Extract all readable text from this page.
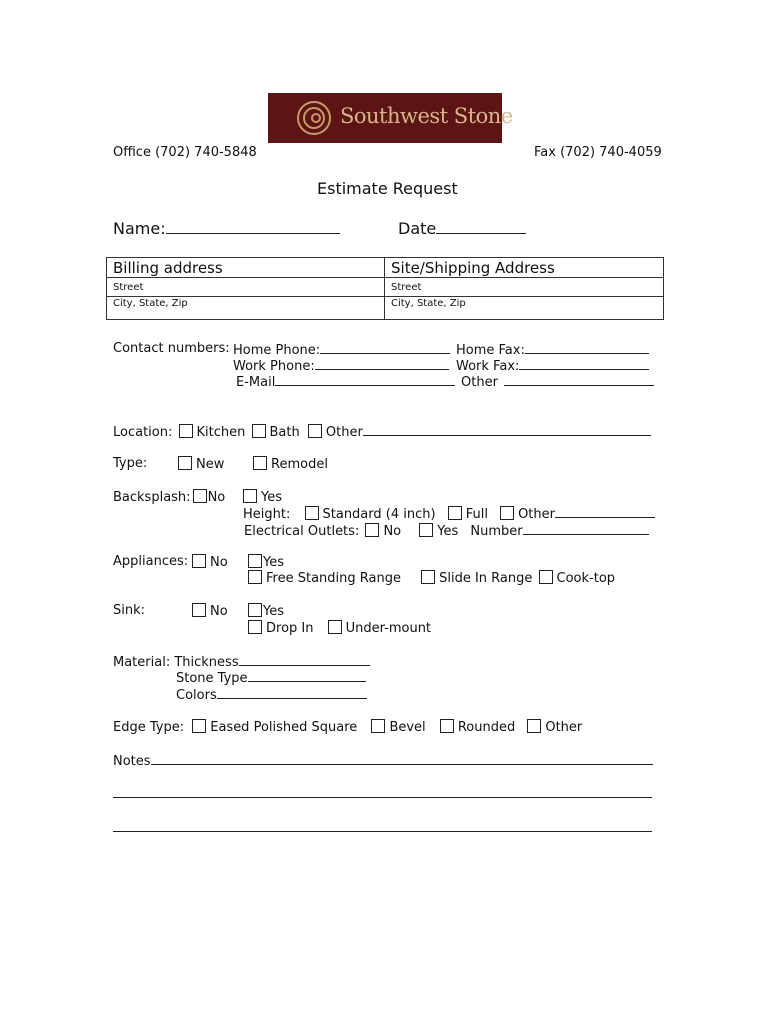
Southwest Stone
Office (702) 740-5848	Fax (702) 740-4059
Estimate Request
Name:	Date
Billing address	Site/Shipping Address
Street	Street
City, State, Zip	City, State, Zip
Contact numbers: Home Phone:	Home Fax:
Work Phone:	Work Fax:
E-Mail	Other
Location: Kitchen Bath Other
Type:	New	Remodel
Backsplash: No	Yes
Height: Standard (4 inch) Full Other
Electrical Outlets: No	Yes Number
Appliances:	No	Yes
Free Standing Range	Slide In Range Cook-top
Sink:	No	Yes
Drop In Under-mount
Material: Thickness
Stone Type
Colors
Edge Type: Eased Polished Square Bevel Rounded Other
Notes
